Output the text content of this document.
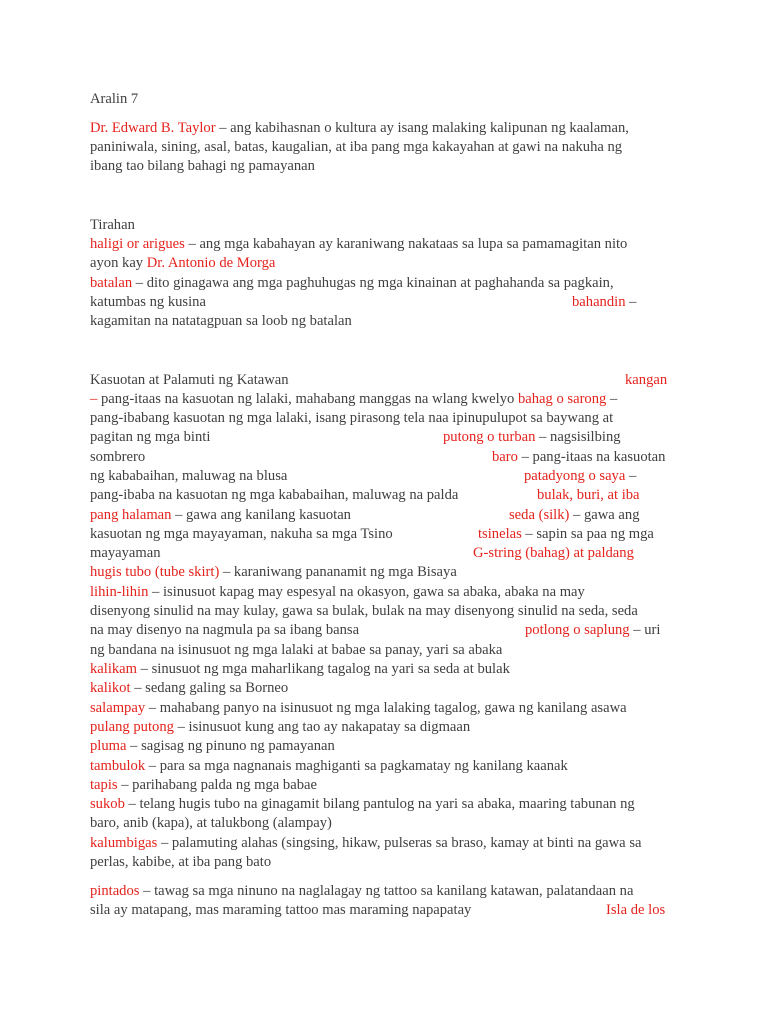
Aralin 7
Dr. Edward B. Taylor – ang kabihasnan o kultura ay isang malaking kalipunan ng kaalaman,
paniniwala, sining, asal, batas, kaugalian, at iba pang mga kakayahan at gawi na nakuha ng
ibang tao bilang bahagi ng pamayanan
Tirahan
haligi or arigues – ang mga kabahayan ay karaniwang nakataas sa lupa sa pamamagitan nito
ayon kay Dr. Antonio de Morga
batalan – dito ginagawa ang mga paghuhugas ng mga kinainan at paghahanda sa pagkain,
katumbas ng kusina	bahandin –
kagamitan na natatagpuan sa loob ng batalan
Kasuotan at Palamuti ng Katawan	kangan
– pang-itaas na kasuotan ng lalaki, mahabang manggas na wlang kwelyo bahag o sarong –
pang-ibabang kasuotan ng mga lalaki, isang pirasong tela naa ipinupulupot sa baywang at
pagitan ng mga binti	putong o turban – nagsisilbing
sombrero	baro – pang-itaas na kasuotan
ng kababaihan, maluwag na blusa	patadyong o saya –
pang-ibaba na kasuotan ng mga kababaihan, maluwag na palda	bulak, buri, at iba
pang halaman – gawa ang kanilang kasuotan	seda (silk) – gawa ang
kasuotan ng mga mayayaman, nakuha sa mga Tsino	tsinelas – sapin sa paa ng mga
mayayaman	G-string (bahag) at paldang
hugis tubo (tube skirt) – karaniwang pananamit ng mga Bisaya
lihin-lihin – isinusuot kapag may espesyal na okasyon, gawa sa abaka, abaka na may
disenyong sinulid na may kulay, gawa sa bulak, bulak na may disenyong sinulid na seda, seda
na may disenyo na nagmula pa sa ibang bansa	potlong o saplung – uri
ng bandana na isinusuot ng mga lalaki at babae sa panay, yari sa abaka
kalikam – sinusuot ng mga maharlikang tagalog na yari sa seda at bulak
kalikot – sedang galing sa Borneo
salampay – mahabang panyo na isinusuot ng mga lalaking tagalog, gawa ng kanilang asawa
pulang putong – isinusuot kung ang tao ay nakapatay sa digmaan
pluma – sagisag ng pinuno ng pamayanan
tambulok – para sa mga nagnanais maghiganti sa pagkamatay ng kanilang kaanak
tapis – parihabang palda ng mga babae
sukob – telang hugis tubo na ginagamit bilang pantulog na yari sa abaka, maaring tabunan ng
baro, anib (kapa), at talukbong (alampay)
kalumbigas – palamuting alahas (singsing, hikaw, pulseras sa braso, kamay at binti na gawa sa
perlas, kabibe, at iba pang bato
pintados – tawag sa mga ninuno na naglalagay ng tattoo sa kanilang katawan, palatandaan na
sila ay matapang, mas maraming tattoo mas maraming napapatay	Isla de los
